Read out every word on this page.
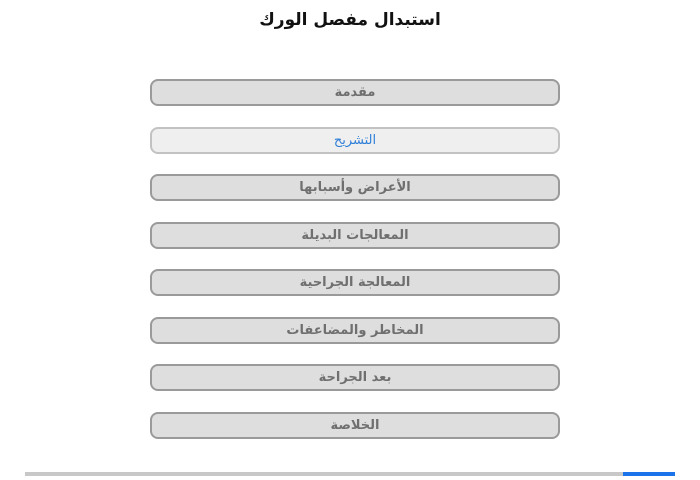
استبدال مفصل الورك
مقدمة
التشريح
الأعراض وأسبابها
المعالجات البديلة
المعالجة الجراحية
المخاطر والمضاعفات
بعد الجراحة
الخلاصة
